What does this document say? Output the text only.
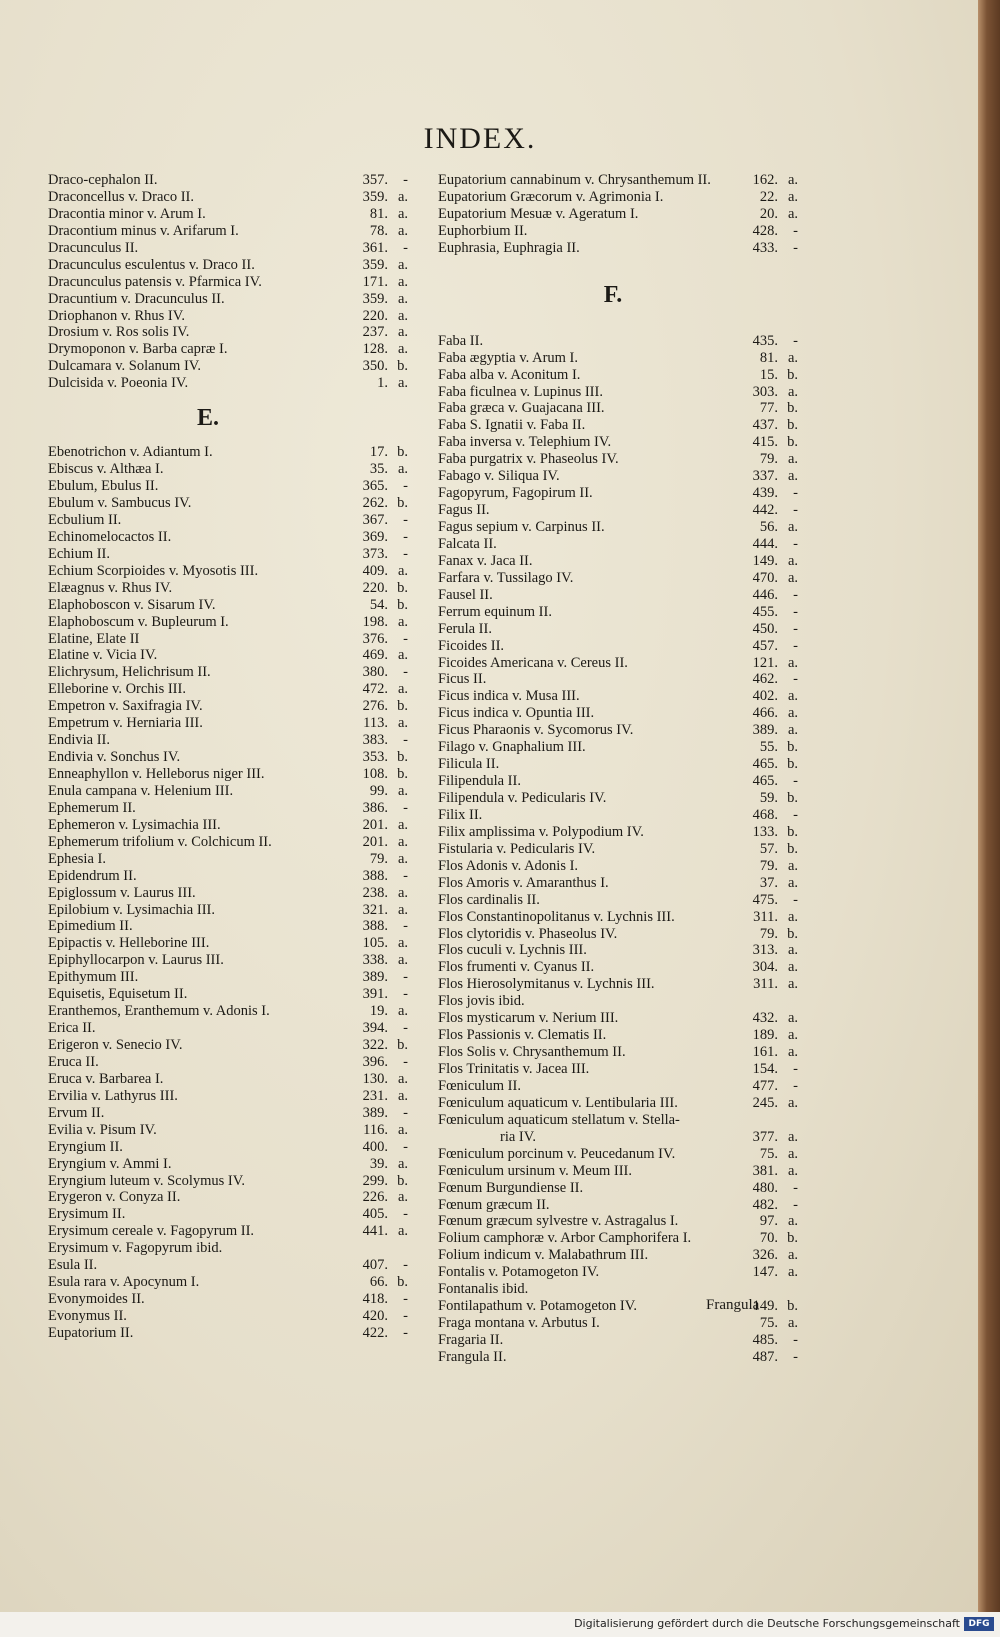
INDEX.
Draco-cephalon II.	357.	-
Draconcellus v. Draco II.	359. a.
Dracontia minor v. Arum I.	81. a.
Dracontium minus v. Arifarum I.	78. a.
Dracunculus II.	361.	-
Dracunculus esculentus v. Draco II.	359. a.
Dracunculus patensis v. Pfarmica IV.	171. a.
Dracuntium v. Dracunculus II.	359. a.
Driophanon v. Rhus IV.	220. a.
Drosium v. Ros solis IV.	237. a.
Drymoponon v. Barba capræ I.	128. a.
Dulcamara v. Solanum IV.	350. b.
Dulcisida v. Poeonia IV.	1. a.
E.
Ebenotrichon v. Adiantum I.	17. b.
Ebiscus v. Althæa I.	35. a.
Ebulum, Ebulus II.	365.	-
Ebulum v. Sambucus IV.	262. b.
Ecbulium II.	367.	-
Echinomelocactos II.	369.	-
Echium II.	373.	-
Echium Scorpioides v. Myosotis III.	409. a.
Elæagnus v. Rhus IV.	220. b.
Elaphoboscon v. Sisarum IV.	54. b.
Elaphoboscum v. Bupleurum I.	198. a.
Elatine, Elate II	376.	-
Elatine v. Vicia IV.	469. a.
Elichrysum, Helichrisum II.	380.	-
Elleborine v. Orchis III.	472. a.
Empetron v. Saxifragia IV.	276. b.
Empetrum v. Herniaria III.	113. a.
Endivia II.	383.	-
Endivia v. Sonchus IV.	353. b.
Enneaphyllon v. Helleborus niger III.	108. b.
Enula campana v. Helenium III.	99. a.
Ephemerum II.	386.	-
Ephemeron v. Lysimachia III.	201. a.
Ephemerum trifolium v. Colchicum II.	201. a.
Ephesia I.	79. a.
Epidendrum II.	388.	-
Epiglossum v. Laurus III.	238. a.
Epilobium v. Lysimachia III.	321. a.
Epimedium II.	388.	-
Epipactis v. Helleborine III.	105. a.
Epiphyllocarpon v. Laurus III.	338. a.
Epithymum III.	389.	-
Equisetis, Equisetum II.	391.	-
Eranthemos, Eranthemum v. Adonis I.	19. a.
Erica II.	394.	-
Erigeron v. Senecio IV.	322. b.
Eruca II.	396.	-
Eruca v. Barbarea I.	130. a.
Ervilia v. Lathyrus III.	231. a.
Ervum II.	389.	-
Evilia v. Pisum IV.	116. a.
Eryngium II.	400.	-
Eryngium v. Ammi I.	39. a.
Eryngium luteum v. Scolymus IV.	299. b.
Erygeron v. Conyza II.	226. a.
Erysimum II.	405.	-
Erysimum cereale v. Fagopyrum II.	441. a.
Erysimum v. Fagopyrum ibid.
Esula II.	407.	-
Esula rara v. Apocynum I.	66. b.
Evonymoides II.	418.	-
Evonymus II.	420.	-
Eupatorium II.	422.	-
Eupatorium cannabinum v. Chrysanthemum II.	162. a.
Eupatorium Græcorum v. Agrimonia I.	22. a.
Eupatorium Mesuæ v. Ageratum I.	20. a.
Euphorbium II.	428.	-
Euphrasia, Euphragia II.	433.	-
F.
Faba II.	435.	-
Faba ægyptia v. Arum I.	81. a.
Faba alba v. Aconitum I.	15. b.
Faba ficulnea v. Lupinus III.	303. a.
Faba græca v. Guajacana III.	77. b.
Faba S. Ignatii v. Faba II.	437. b.
Faba inversa v. Telephium IV.	415. b.
Faba purgatrix v. Phaseolus IV.	79. a.
Fabago v. Siliqua IV.	337. a.
Fagopyrum, Fagopirum II.	439.	-
Fagus II.	442.	-
Fagus sepium v. Carpinus II.	56. a.
Falcata II.	444.	-
Fanax v. Jaca II.	149. a.
Farfara v. Tussilago IV.	470. a.
Fausel II.	446.	-
Ferrum equinum II.	455.	-
Ferula II.	450.	-
Ficoides II.	457.	-
Ficoides Americana v. Cereus II.	121. a.
Ficus II.	462.	-
Ficus indica v. Musa III.	402. a.
Ficus indica v. Opuntia III.	466. a.
Ficus Pharaonis v. Sycomorus IV.	389. a.
Filago v. Gnaphalium III.	55. b.
Filicula II.	465. b.
Filipendula II.	465.	-
Filipendula v. Pedicularis IV.	59. b.
Filix II.	468.	-
Filix amplissima v. Polypodium IV.	133. b.
Fistularia v. Pedicularis IV.	57. b.
Flos Adonis v. Adonis I.	79. a.
Flos Amoris v. Amaranthus I.	37. a.
Flos cardinalis II.	475.	-
Flos Constantinopolitanus v. Lychnis III.	311. a.
Flos clytoridis v. Phaseolus IV.	79. b.
Flos cuculi v. Lychnis III.	313. a.
Flos frumenti v. Cyanus II.	304. a.
Flos Hierosolymitanus v. Lychnis III.	311. a.
Flos jovis ibid.
Flos mysticarum v. Nerium III.	432. a.
Flos Passionis v. Clematis II.	189. a.
Flos Solis v. Chrysanthemum II.	161. a.
Flos Trinitatis v. Jacea III.	154.	-
Fœniculum II.	477.	-
Fœniculum aquaticum v. Lentibularia III.	245. a.
Fœniculum aquaticum stellatum v. Stella-
ria IV.	377. a.
Fœniculum porcinum v. Peucedanum IV.	75. a.
Fœniculum ursinum v. Meum III.	381. a.
Fœnum Burgundiense II.	480.	-
Fœnum græcum II.	482.	-
Fœnum græcum sylvestre v. Astragalus I.	97. a.
Folium camphoræ v. Arbor Camphorifera I.	70. b.
Folium indicum v. Malabathrum III.	326. a.
Fontalis v. Potamogeton IV.	147. a.
Fontanalis ibid.
Fontilapathum v. Potamogeton IV.	149. b.
Fraga montana v. Arbutus I.	75. a.
Fragaria II.	485.	-
Frangula II.	487.	-
Frangula
Digitalisierung gefördert durch die Deutsche Forschungsgemeinschaft DFG
